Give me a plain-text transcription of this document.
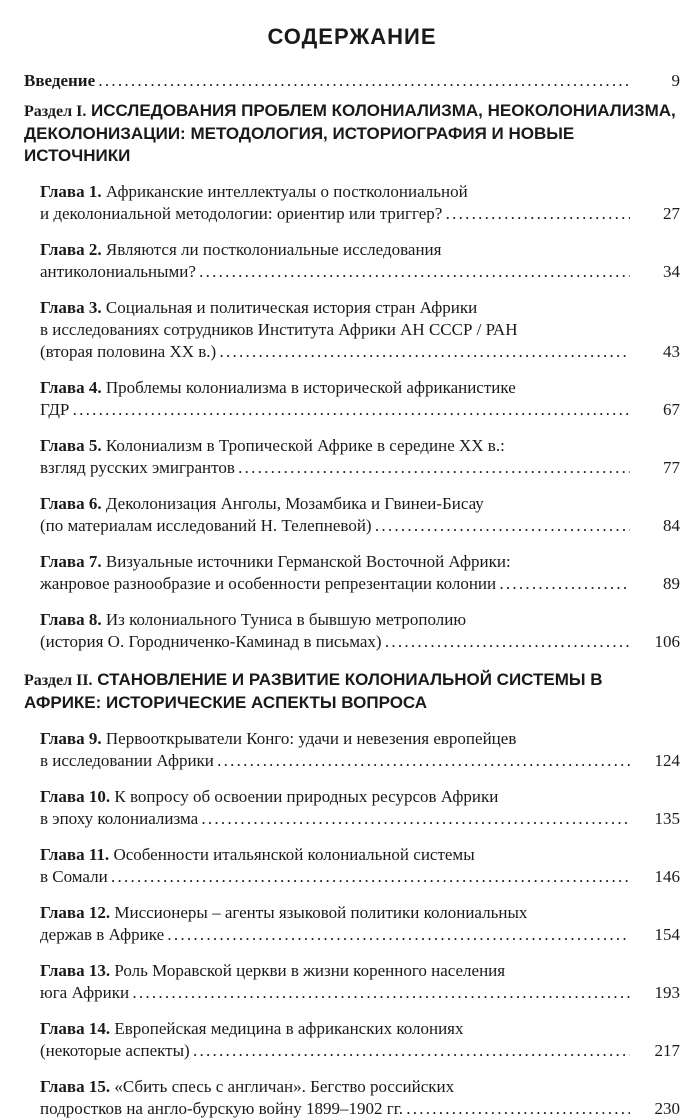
СОДЕРЖАНИЕ
Введение . . .	9
Раздел I. ИССЛЕДОВАНИЯ ПРОБЛЕМ КОЛОНИАЛИЗМА, НЕОКОЛОНИАЛИЗМА, ДЕКОЛОНИЗАЦИИ: МЕТОДОЛОГИЯ, ИСТОРИОГРАФИЯ И НОВЫЕ ИСТОЧНИКИ
Глава 1. Африканские интеллектуалы о постколониальной
и деколониальной методологии: ориентир или триггер? . . .	27
Глава 2. Являются ли постколониальные исследования
антиколониальными? . . .	34
Глава 3. Социальная и политическая история стран Африки
в исследованиях сотрудников Института Африки АН СССР / РАН
(вторая половина XX в.) . . .	43
Глава 4. Проблемы колониализма в исторической африканистике
ГДР . . .	67
Глава 5. Колониализм в Тропической Африке в середине XX в.:
взгляд русских эмигрантов . . .	77
Глава 6. Деколонизация Анголы, Мозамбика и Гвинеи-Бисау
(по материалам исследований Н. Телепневой) . . .	84
Глава 7. Визуальные источники Германской Восточной Африки:
жанровое разнообразие и особенности репрезентации колонии . . .	89
Глава 8. Из колониального Туниса в бывшую метрополию
(история О. Городниченко-Каминад в письмах) . . .	106
Раздел II. СТАНОВЛЕНИЕ И РАЗВИТИЕ КОЛОНИАЛЬНОЙ СИСТЕМЫ В АФРИКЕ: ИСТОРИЧЕСКИЕ АСПЕКТЫ ВОПРОСА
Глава 9. Первооткрыватели Конго: удачи и невезения европейцев
в исследовании Африки . . .	124
Глава 10. К вопросу об освоении природных ресурсов Африки
в эпоху колониализма . . .	135
Глава 11. Особенности итальянской колониальной системы
в Сомали . . .	146
Глава 12. Миссионеры – агенты языковой политики колониальных
держав в Африке . . .	154
Глава 13. Роль Моравской церкви в жизни коренного населения
юга Африки . . .	193
Глава 14. Европейская медицина в африканских колониях
(некоторые аспекты) . . .	217
Глава 15. «Сбить спесь с англичан». Бегство российских
подростков на англо-бурскую войну 1899–1902 гг. . . .	230
